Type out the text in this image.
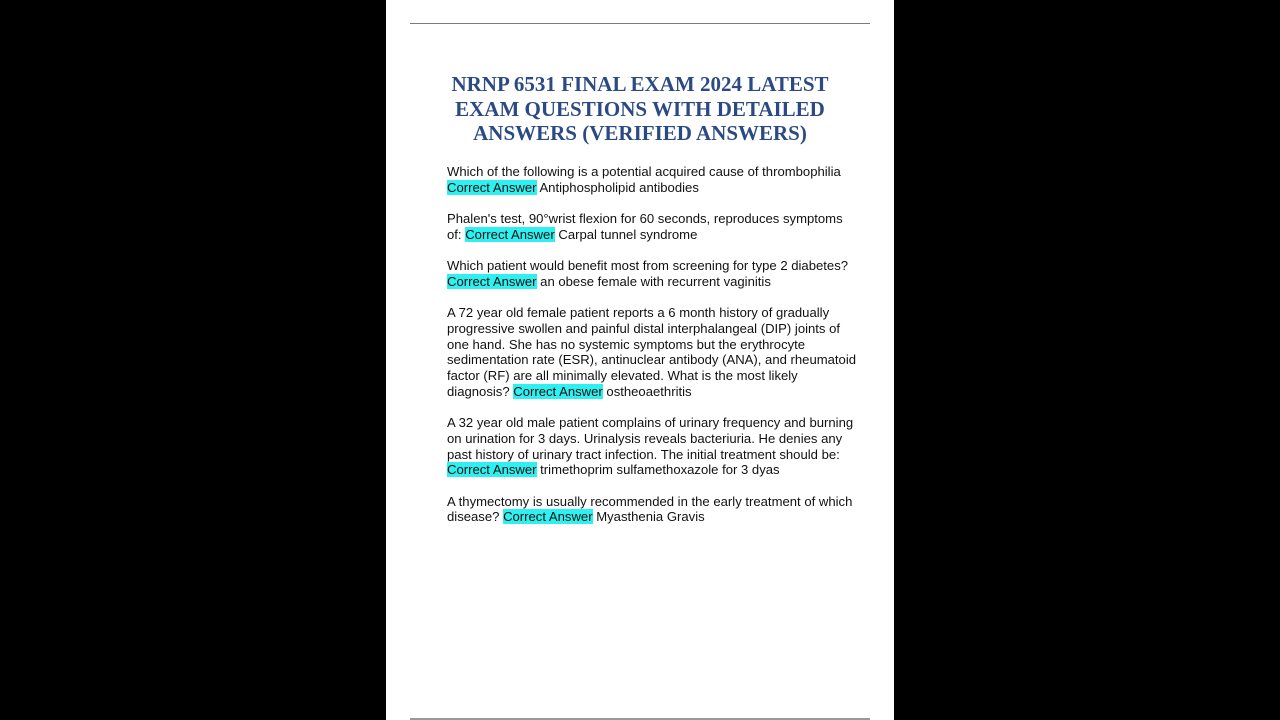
NRNP 6531 FINAL EXAM 2024 LATEST EXAM QUESTIONS WITH DETAILED ANSWERS (VERIFIED ANSWERS)

Which of the following is a potential acquired cause of thrombophilia Correct Answer Antiphospholipid antibodies

Phalen's test, 90°wrist flexion for 60 seconds, reproduces symptoms of: Correct Answer Carpal tunnel syndrome

Which patient would benefit most from screening for type 2 diabetes? Correct Answer an obese female with recurrent vaginitis

A 72 year old female patient reports a 6 month history of gradually progressive swollen and painful distal interphalangeal (DIP) joints of one hand. She has no systemic symptoms but the erythrocyte sedimentation rate (ESR), antinuclear antibody (ANA), and rheumatoid factor (RF) are all minimally elevated. What is the most likely diagnosis? Correct Answer ostheoaethritis

A 32 year old male patient complains of urinary frequency and burning on urination for 3 days. Urinalysis reveals bacteriuria. He denies any past history of urinary tract infection. The initial treatment should be: Correct Answer trimethoprim sulfamethoxazole for 3 dyas

A thymectomy is usually recommended in the early treatment of which disease? Correct Answer Myasthenia Gravis
